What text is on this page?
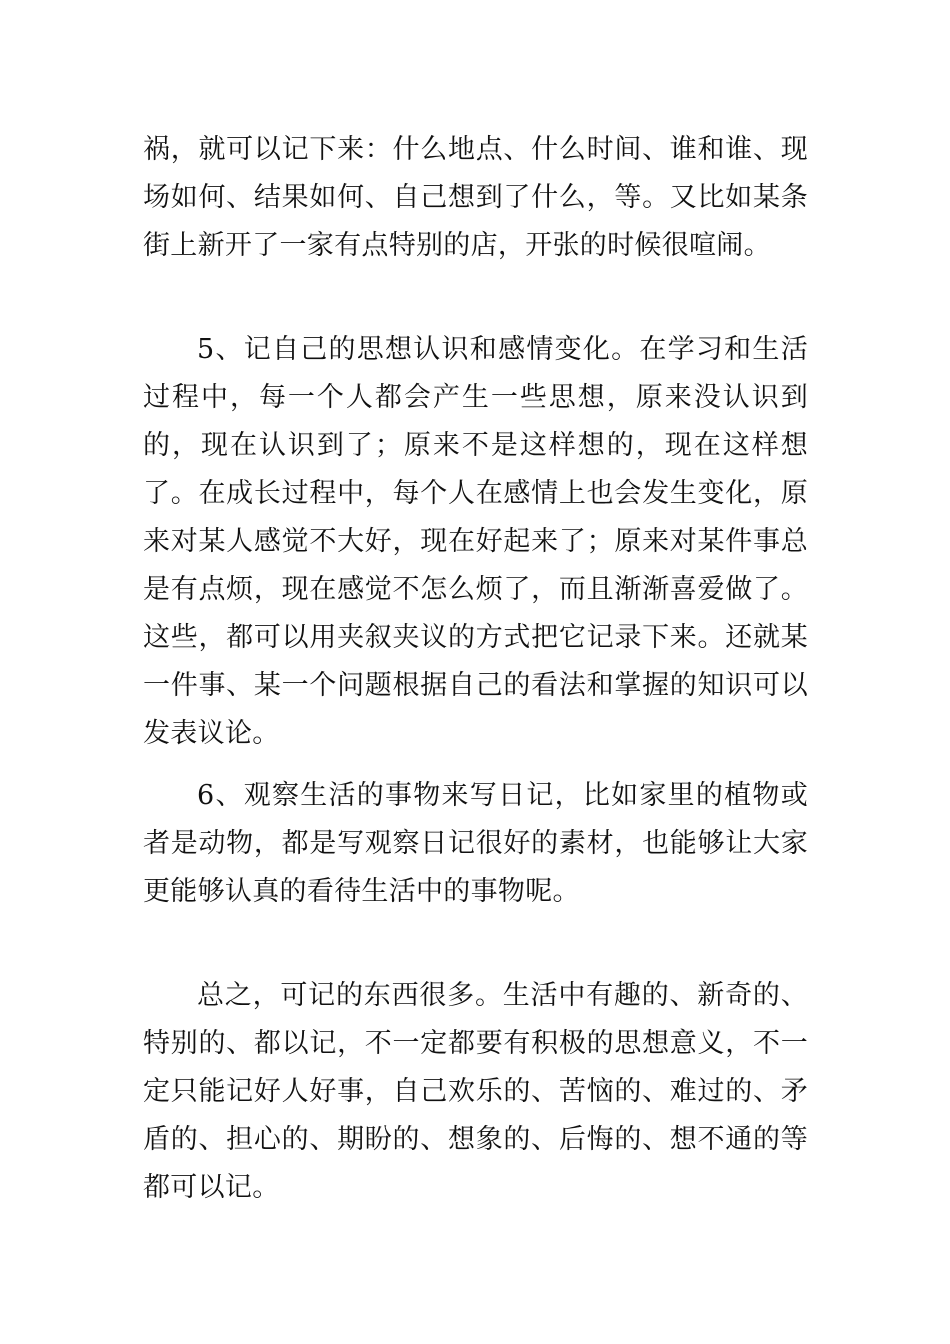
祸，就可以记下来：什么地点、什么时间、谁和谁、现场如何、结果如何、自己想到了什么，等。又比如某条街上新开了一家有点特别的店，开张的时候很喧闹。

5、记自己的思想认识和感情变化。在学习和生活过程中，每一个人都会产生一些思想，原来没认识到的，现在认识到了；原来不是这样想的，现在这样想了。在成长过程中，每个人在感情上也会发生变化，原来对某人感觉不大好，现在好起来了；原来对某件事总是有点烦，现在感觉不怎么烦了，而且渐渐喜爱做了。这些，都可以用夹叙夹议的方式把它记录下来。还就某一件事、某一个问题根据自己的看法和掌握的知识可以发表议论。

6、观察生活的事物来写日记，比如家里的植物或者是动物，都是写观察日记很好的素材，也能够让大家更能够认真的看待生活中的事物呢。

总之，可记的东西很多。生活中有趣的、新奇的、特别的、都以记，不一定都要有积极的思想意义，不一定只能记好人好事，自己欢乐的、苦恼的、难过的、矛盾的、担心的、期盼的、想象的、后悔的、想不通的等都可以记。
